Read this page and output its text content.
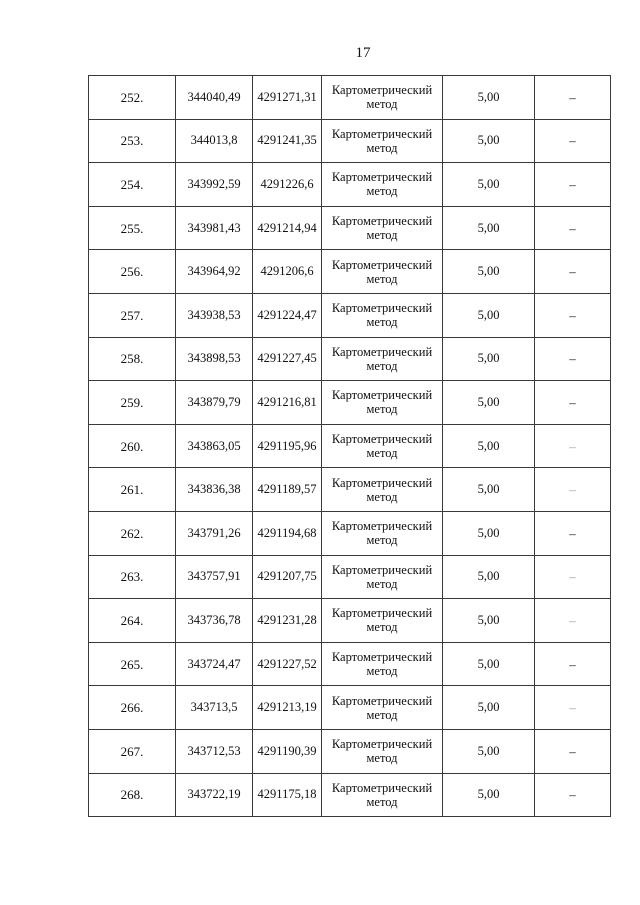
17
252.	344040,49	4291271,31	Картометрический метод	5,00	–
253.	344013,8	4291241,35	Картометрический метод	5,00	–
254.	343992,59	4291226,6	Картометрический метод	5,00	–
255.	343981,43	4291214,94	Картометрический метод	5,00	–
256.	343964,92	4291206,6	Картометрический метод	5,00	–
257.	343938,53	4291224,47	Картометрический метод	5,00	–
258.	343898,53	4291227,45	Картометрический метод	5,00	–
259.	343879,79	4291216,81	Картометрический метод	5,00	–
260.	343863,05	4291195,96	Картометрический метод	5,00	–
261.	343836,38	4291189,57	Картометрический метод	5,00	–
262.	343791,26	4291194,68	Картометрический метод	5,00	–
263.	343757,91	4291207,75	Картометрический метод	5,00	–
264.	343736,78	4291231,28	Картометрический метод	5,00	–
265.	343724,47	4291227,52	Картометрический метод	5,00	–
266.	343713,5	4291213,19	Картометрический метод	5,00	–
267.	343712,53	4291190,39	Картометрический метод	5,00	–
268.	343722,19	4291175,18	Картометрический метод	5,00	–
